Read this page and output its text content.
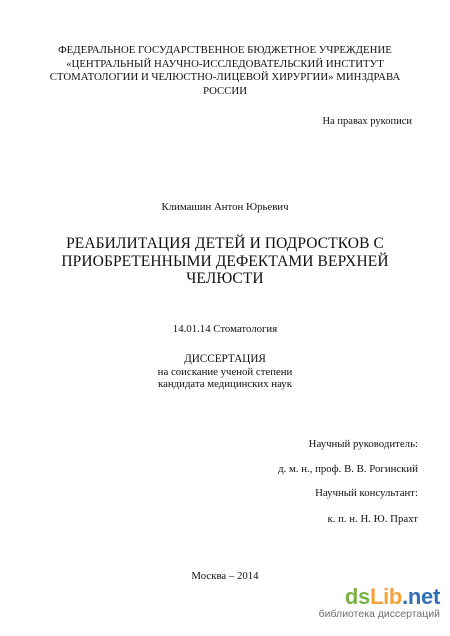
ФЕДЕРАЛЬНОЕ ГОСУДАРСТВЕННОЕ БЮДЖЕТНОЕ УЧРЕЖДЕНИЕ
«ЦЕНТРАЛЬНЫЙ НАУЧНО-ИССЛЕДОВАТЕЛЬСКИЙ ИНСТИТУТ
СТОМАТОЛОГИИ И ЧЕЛЮСТНО-ЛИЦЕВОЙ ХИРУРГИИ» МИНЗДРАВА
РОССИИ
На правах рукописи
Климашин Антон Юрьевич
РЕАБИЛИТАЦИЯ ДЕТЕЙ И ПОДРОСТКОВ С
ПРИОБРЕТЕННЫМИ ДЕФЕКТАМИ ВЕРХНЕЙ
ЧЕЛЮСТИ
14.01.14 Стоматология
ДИССЕРТАЦИЯ
на соискание ученой степени
кандидата медицинских наук
Научный руководитель:
д. м. н., проф. В. В. Рогинский
Научный консультант:
к. п. н. Н. Ю. Прахт
Москва – 2014
dsLib.net
библиотека диссертаций
